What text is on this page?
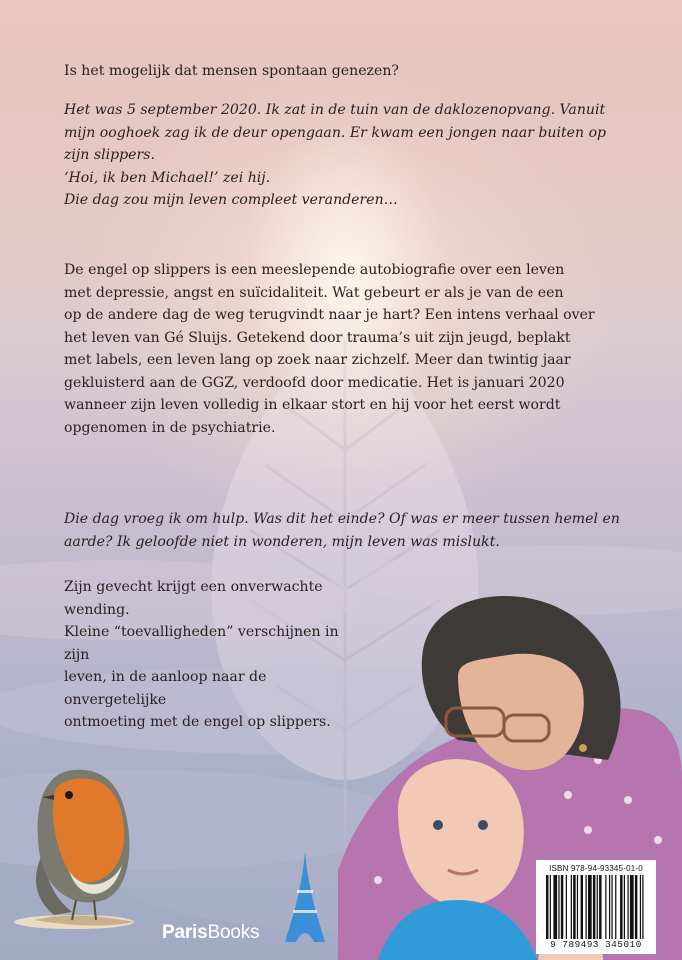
Is het mogelijk dat mensen spontaan genezen?

Het was 5 september 2020. Ik zat in de tuin van de daklozenopvang. Vanuit
mijn ooghoek zag ik de deur opengaan. Er kwam een jongen naar buiten op
zijn slippers.
‘Hoi, ik ben Michael!’ zei hij.
Die dag zou mijn leven compleet veranderen…

De engel op slippers is een meeslepende autobiografie over een leven
met depressie, angst en suïcidaliteit. Wat gebeurt er als je van de een
op de andere dag de weg terugvindt naar je hart? Een intens verhaal over
het leven van Gé Sluijs. Getekend door trauma’s uit zijn jeugd, beplakt
met labels, een leven lang op zoek naar zichzelf. Meer dan twintig jaar
gekluisterd aan de GGZ, verdoofd door medicatie. Het is januari 2020
wanneer zijn leven volledig in elkaar stort en hij voor het eerst wordt
opgenomen in de psychiatrie.

Die dag vroeg ik om hulp. Was dit het einde? Of was er meer tussen hemel en
aarde? Ik geloofde niet in wonderen, mijn leven was mislukt.

Zijn gevecht krijgt een onverwachte wending.
Kleine “toevalligheden” verschijnen in zijn
leven, in de aanloop naar de onvergetelijke
ontmoeting met de engel op slippers.

ParisBooks
ISBN 978-94-93345-01-0
9 789493 345010
